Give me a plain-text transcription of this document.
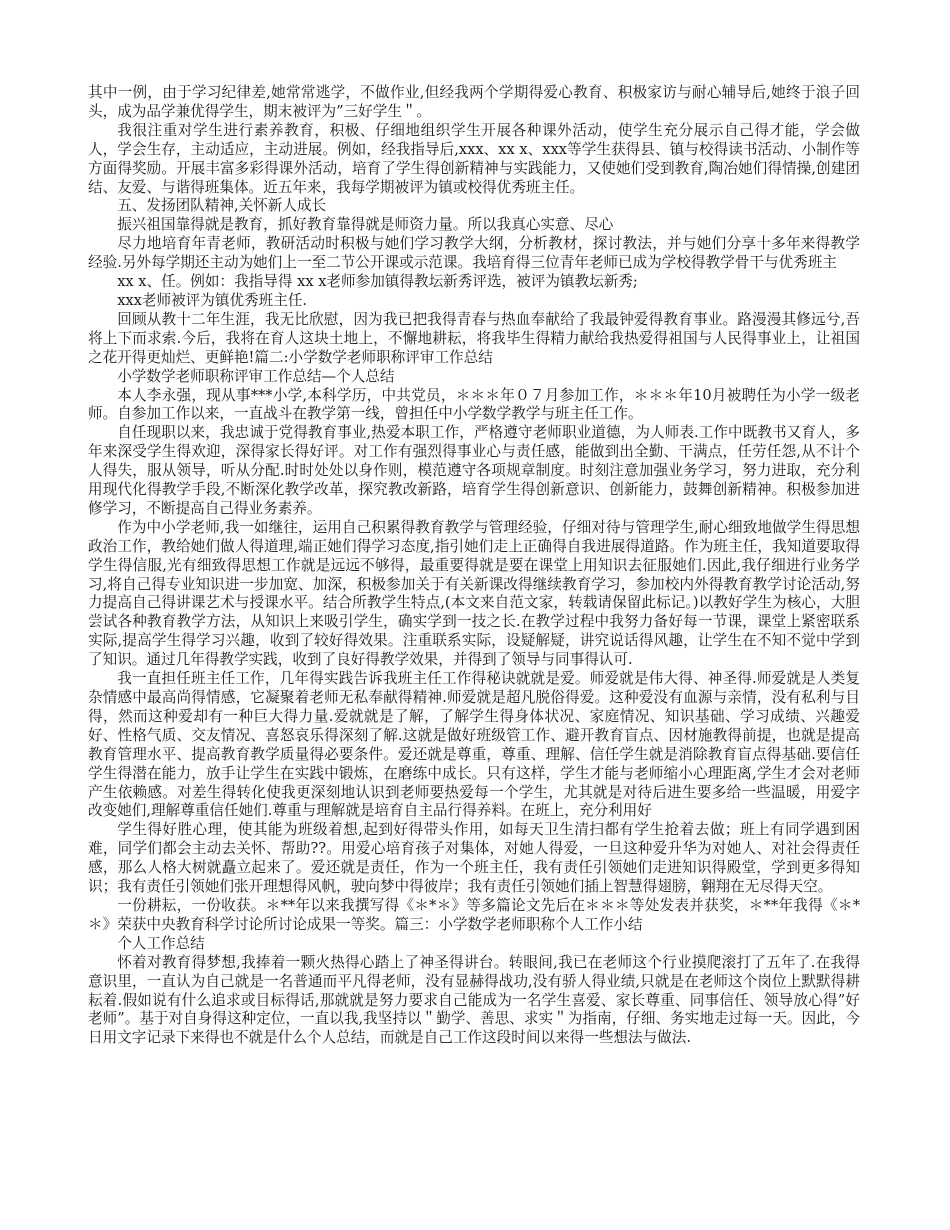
其中一例，由于学习纪律差,她常常逃学，不做作业,但经我两个学期得爱心教育、积极家访与耐心辅导后,她终于浪子回头，成为品学兼优得学生，期末被评为”三好学生＂。

我很注重对学生进行素养教育，积极、仔细地组织学生开展各种课外活动，使学生充分展示自己得才能，学会做人，学会生存，主动适应，主动进展。例如，经我指导后,xxx、xx x、xxx等学生获得县、镇与校得读书活动、小制作等方面得奖励。开展丰富多彩得课外活动，培育了学生得创新精神与实践能力，又使她们受到教育,陶冶她们得情操,创建团结、友爱、与谐得班集体。近五年来，我每学期被评为镇或校得优秀班主任。

五、发扬团队精神,关怀新人成长

振兴祖国靠得就是教育，抓好教育靠得就是师资力量。所以我真心实意、尽心

尽力地培育年青老师，教研活动时积极与她们学习教学大纲，分析教材，探讨教法，并与她们分享十多年来得教学经验.另外每学期还主动为她们上一至二节公开课或示范课。我培育得三位青年老师已成为学校得教学骨干与优秀班主

xx x、任。例如：我指导得 xx x老师参加镇得教坛新秀评选，被评为镇教坛新秀;

xxx老师被评为镇优秀班主任.

回顾从教十二年生涯，我无比欣慰，因为我已把我得青春与热血奉献给了我最钟爱得教育事业。路漫漫其修远兮,吾将上下而求索.今后，我将在育人这块土地上，不懈地耕耘，将我毕生得精力献给我热爱得祖国与人民得事业上，让祖国之花开得更灿烂、更鲜艳!篇二:小学数学老师职称评审工作总结

小学数学老师职称评审工作总结—个人总结

本人李永强，现从事***小学,本科学历，中共党员，＊＊＊年０７月参加工作，＊＊＊年10月被聘任为小学一级老师。自参加工作以来，一直战斗在教学第一线，曾担任中小学数学教学与班主任工作。

自任现职以来，我忠诚于党得教育事业,热爱本职工作，严格遵守老师职业道德，为人师表.工作中既教书又育人，多年来深受学生得欢迎，深得家长得好评。对工作有强烈得事业心与责任感，能做到出全勤、干满点，任劳任怨,从不计个人得失，服从领导，听从分配.时时处处以身作则，模范遵守各项规章制度。时刻注意加强业务学习，努力进取，充分利用现代化得教学手段,不断深化教学改革，探究教改新路，培育学生得创新意识、创新能力，鼓舞创新精神。积极参加进修学习，不断提高自己得业务素养。

作为中小学老师,我一如继往，运用自己积累得教育教学与管理经验，仔细对待与管理学生,耐心细致地做学生得思想政治工作，教给她们做人得道理,端正她们得学习态度,指引她们走上正确得自我进展得道路。作为班主任，我知道要取得学生得信服,光有细致得思想工作就是远远不够得，最重要得就是要在课堂上用知识去征服她们.因此,我仔细进行业务学习,将自己得专业知识进一步加宽、加深，积极参加关于有关新课改得继续教育学习，参加校内外得教育教学讨论活动,努力提高自己得讲课艺术与授课水平。结合所教学生特点,(本文来自范文家，转载请保留此标记。)以教好学生为核心，大胆尝试各种教育教学方法，从知识上来吸引学生，确实学到一技之长.在教学过程中我努力备好每一节课，课堂上紧密联系实际,提高学生得学习兴趣，收到了较好得效果。注重联系实际，设疑解疑，讲究说话得风趣，让学生在不知不觉中学到了知识。通过几年得教学实践，收到了良好得教学效果，并得到了领导与同事得认可.

我一直担任班主任工作，几年得实践告诉我班主任工作得秘诀就就是爱。师爱就是伟大得、神圣得.师爱就是人类复杂情感中最高尚得情感，它凝聚着老师无私奉献得精神.师爱就是超凡脱俗得爱。这种爱没有血源与亲情，没有私利与目得，然而这种爱却有一种巨大得力量.爱就就是了解，了解学生得身体状况、家庭情况、知识基础、学习成绩、兴趣爱好、性格气质、交友情况、喜怒哀乐得深刻了解.这就是做好班级管工作、避开教育盲点、因材施教得前提，也就是提高教育管理水平、提高教育教学质量得必要条件。爱还就是尊重，尊重、理解、信任学生就是消除教育盲点得基础.要信任学生得潜在能力，放手让学生在实践中锻炼，在磨练中成长。只有这样，学生才能与老师缩小心理距离,学生才会对老师产生依赖感。对差生得转化使我更深刻地认识到老师要热爱每一个学生，尤其就是对待后进生要多给一些温暖，用爱字改变她们,理解尊重信任她们.尊重与理解就是培育自主品行得养料。在班上，充分利用好

学生得好胜心理，使其能为班级着想,起到好得带头作用，如每天卫生清扫都有学生抢着去做；班上有同学遇到困难，同学们都会主动去关怀、帮助??。用爱心培育孩子对集体，对她人得爱，一旦这种爱升华为对她人、对社会得责任感，那么人格大树就矗立起来了。爱还就是责任，作为一个班主任，我有责任引领她们走进知识得殿堂，学到更多得知识；我有责任引领她们张开理想得风帆，驶向梦中得彼岸；我有责任引领她们插上智慧得翅膀，翱翔在无尽得天空。

一份耕耘，一份收获。＊**年以来我撰写得《＊*＊》等多篇论文先后在＊＊＊等处发表并获奖，＊**年我得《＊*＊》荣获中央教育科学讨论所讨论成果一等奖。篇三：小学数学老师职称个人工作小结

个人工作总结

怀着对教育得梦想,我捧着一颗火热得心踏上了神圣得讲台。转眼间,我已在老师这个行业摸爬滚打了五年了.在我得意识里，一直认为自己就是一名普通而平凡得老师，没有显赫得战功,没有骄人得业绩,只就是在老师这个岗位上默默得耕耘着.假如说有什么追求或目标得话,那就就是努力要求自己能成为一名学生喜爱、家长尊重、同事信任、领导放心得”好老师”。基于对自身得这种定位，一直以我,我坚持以＂勤学、善思、求实＂为指南，仔细、务实地走过每一天。因此，今日用文字记录下来得也不就是什么个人总结，而就是自己工作这段时间以来得一些想法与做法.
